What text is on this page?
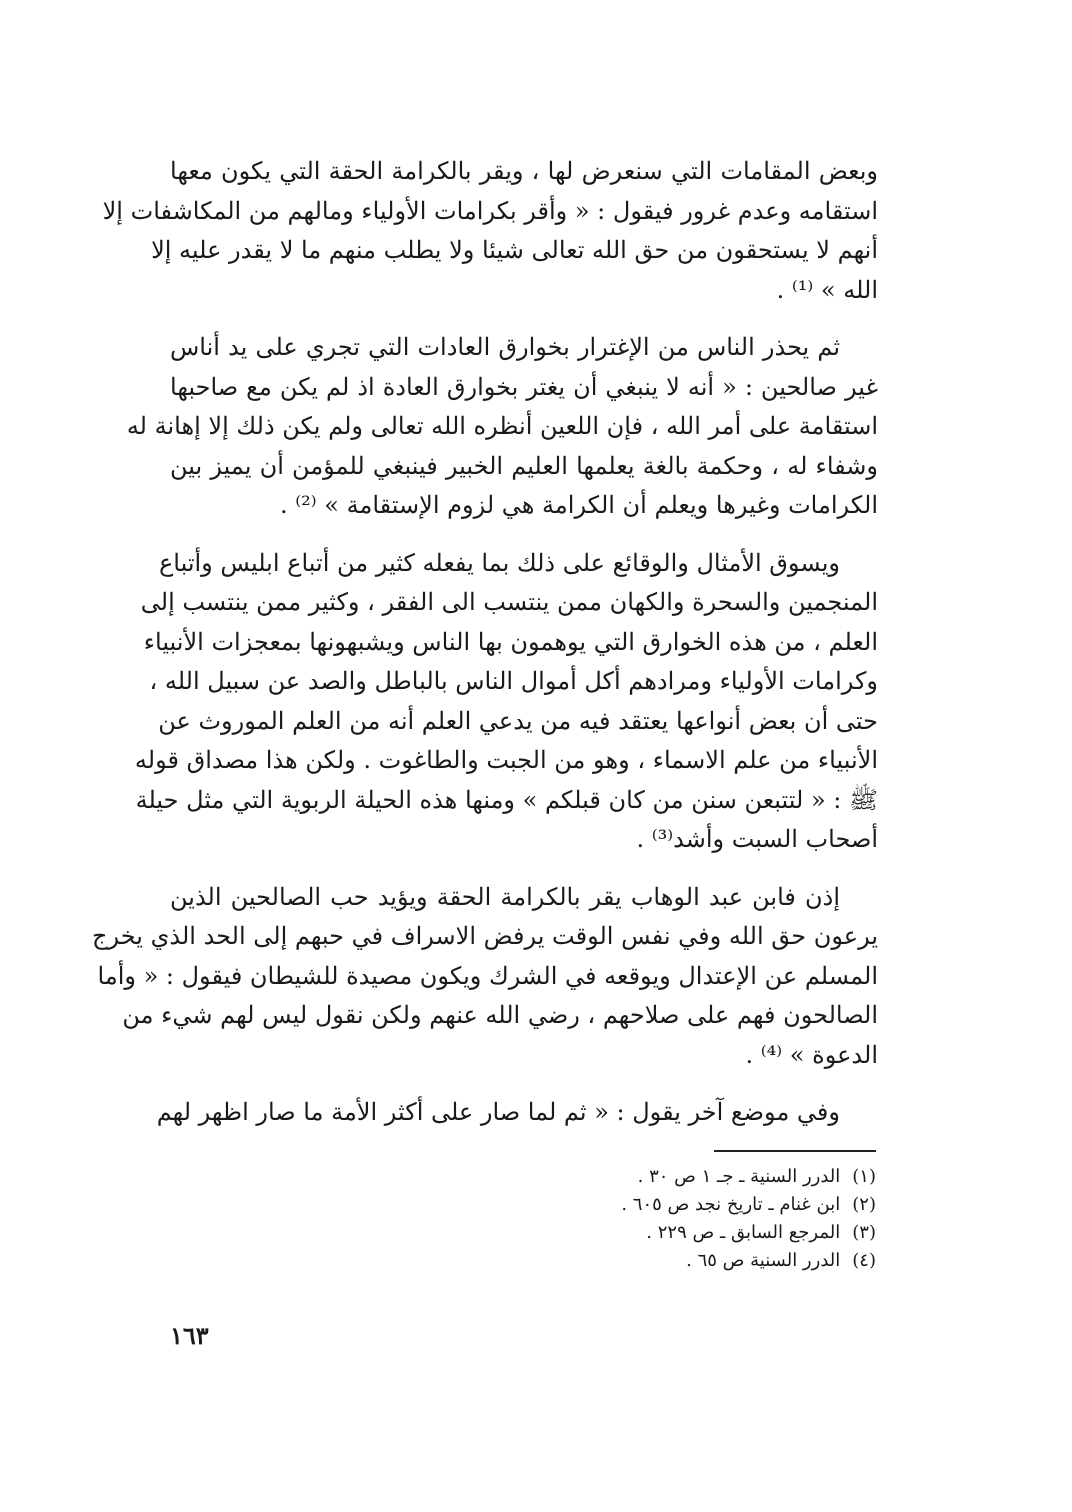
وبعض المقامات التي سنعرض لها ، ويقر بالكرامة الحقة التي يكون معها
استقامه وعدم غرور فيقول : « وأقر بكرامات الأولياء ومالهم من المكاشفات إلا
أنهم لا يستحقون من حق الله تعالى شيئا ولا يطلب منهم ما لا يقدر عليه إلا
الله » ⁽¹⁾ .

ثم يحذر الناس من الإغترار بخوارق العادات التي تجري على يد أناس
غير صالحين : « أنه لا ينبغي أن يغتر بخوارق العادة اذ لم يكن مع صاحبها
استقامة على أمر الله ، فإن اللعين أنظره الله تعالى ولم يكن ذلك إلا إهانة له
وشفاء له ، وحكمة بالغة يعلمها العليم الخبير فينبغي للمؤمن أن يميز بين
الكرامات وغيرها ويعلم أن الكرامة هي لزوم الإستقامة » ⁽²⁾ .

ويسوق الأمثال والوقائع على ذلك بما يفعله كثير من أتباع ابليس وأتباع
المنجمين والسحرة والكهان ممن ينتسب الى الفقر ، وكثير ممن ينتسب إلى
العلم ، من هذه الخوارق التي يوهمون بها الناس ويشبهونها بمعجزات الأنبياء
وكرامات الأولياء ومرادهم أكل أموال الناس بالباطل والصد عن سبيل الله ،
حتى أن بعض أنواعها يعتقد فيه من يدعي العلم أنه من العلم الموروث عن
الأنبياء من علم الاسماء ، وهو من الجبت والطاغوت . ولكن هذا مصداق قوله
ﷺ : « لتتبعن سنن من كان قبلكم » ومنها هذه الحيلة الربوية التي مثل حيلة
أصحاب السبت وأشد⁽³⁾ .

إذن فابن عبد الوهاب يقر بالكرامة الحقة ويؤيد حب الصالحين الذين
يرعون حق الله وفي نفس الوقت يرفض الاسراف في حبهم إلى الحد الذي يخرج
المسلم عن الإعتدال ويوقعه في الشرك ويكون مصيدة للشيطان فيقول : « وأما
الصالحون فهم على صلاحهم ، رضي الله عنهم ولكن نقول ليس لهم شيء من
الدعوة » ⁽⁴⁾ .

وفي موضع آخر يقول : « ثم لما صار على أكثر الأمة ما صار اظهر لهم

(١)الدرر السنية ـ جـ ١ ص ٣٠ .
(٢)ابن غنام ـ تاريخ نجد ص ٦٠٥ .
(٣)المرجع السابق ـ ص ٢٢٩ .
(٤)الدرر السنية ص ٦٥ .
١٦٣
